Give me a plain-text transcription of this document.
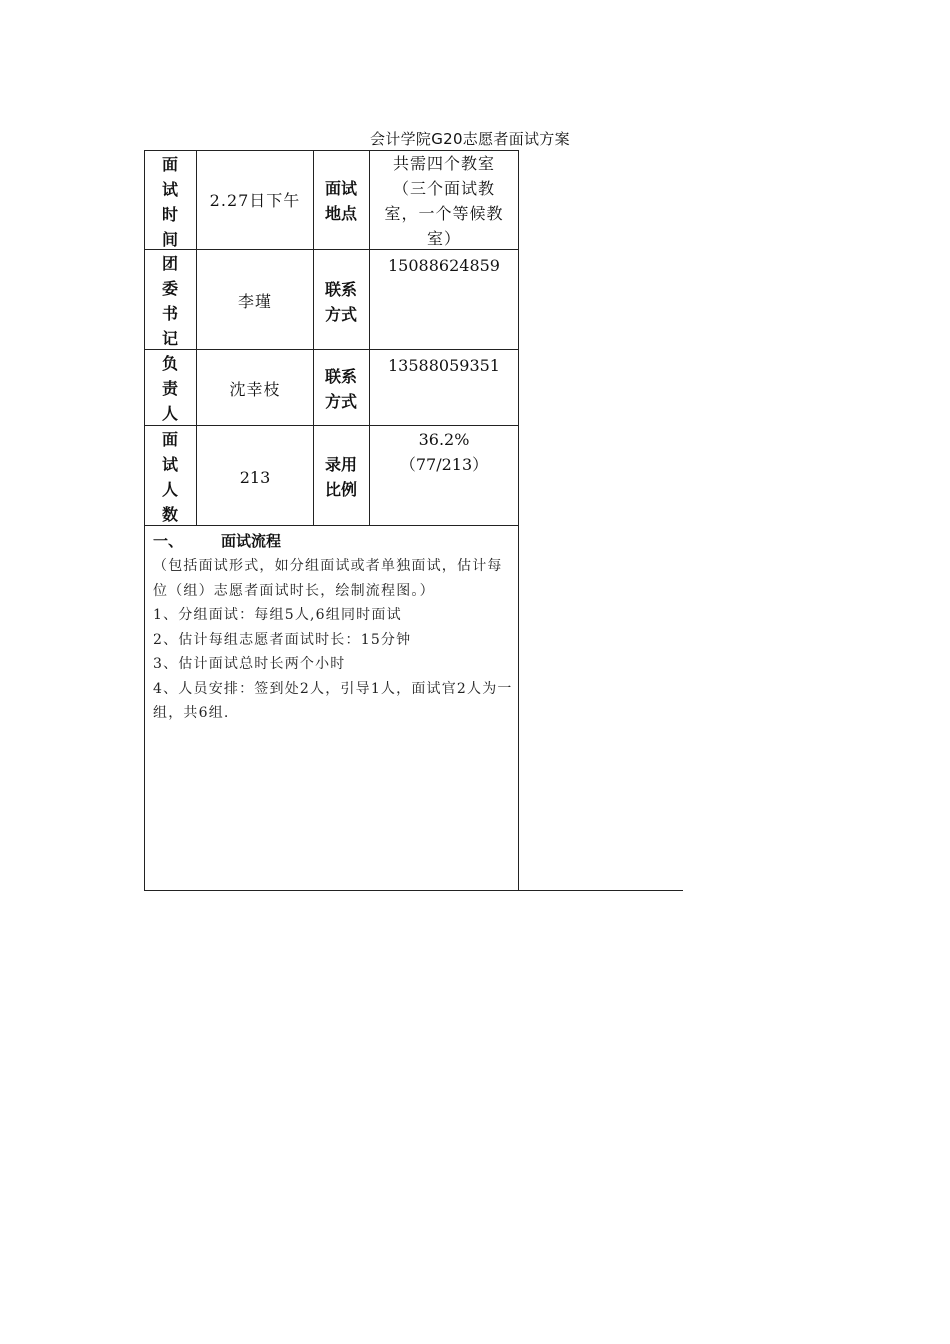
会计学院G20志愿者面试方案
面试时间
2.27日下午
面试地点
共需四个教室（三个面试教室，一个等候教室）
团委书记
李瑾
联系方式
15088624859
负责人
沈幸枝
联系方式
13588059351
面试人数
213
录用比例
36.2%
（77/213）
一、	面试流程

（包括面试形式，如分组面试或者单独面试，估计每位（组）志愿者面试时长，绘制流程图。）

1、分组面试：每组5人,6组同时面试

2、估计每组志愿者面试时长：15分钟

3、估计面试总时长两个小时

4、人员安排：签到处2人，引导1人，面试官2人为一组，共6组.
